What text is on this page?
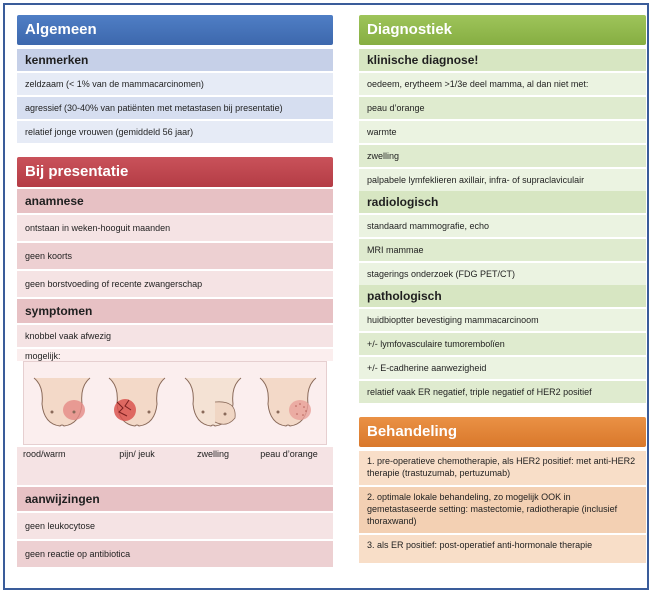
Algemeen
kenmerken
zeldzaam (< 1% van de mammacarcinomen)
agressief (30-40% van patiënten met metastasen bij presentatie)
relatief jonge vrouwen (gemiddeld 56 jaar)
Bij presentatie
anamnese
ontstaan in weken-hooguit maanden
geen koorts
geen borstvoeding of recente zwangerschap
symptomen
knobbel vaak afwezig
mogelijk:
rood/warm	pijn/ jeuk	zwelling	peau d’orange
aanwijzingen
geen leukocytose
geen reactie op antibiotica
Diagnostiek
klinische diagnose!
oedeem, erytheem >1/3e deel mamma, al dan niet met:
peau d’orange
warmte
zwelling
palpabele lymfeklieren axillair, infra- of supraclaviculair
radiologisch
standaard mammografie, echo
MRI mammae
stagerings onderzoek (FDG PET/CT)
pathologisch
huidbioptter bevestiging mammacarcinoom
+/- lymfovasculaire tumorembolïen
+/- E-cadherine aanwezigheid
relatief vaak ER negatief, triple negatief of HER2 positief
Behandeling
1. pre-operatieve chemotherapie, als HER2 positief: met anti-HER2 therapie (trastuzumab, pertuzumab)
2. optimale lokale behandeling, zo mogelijk OOK in gemetastaseerde setting: mastectomie, radiotherapie (inclusief thoraxwand)
3. als ER positief: post-operatief anti-hormonale therapie
